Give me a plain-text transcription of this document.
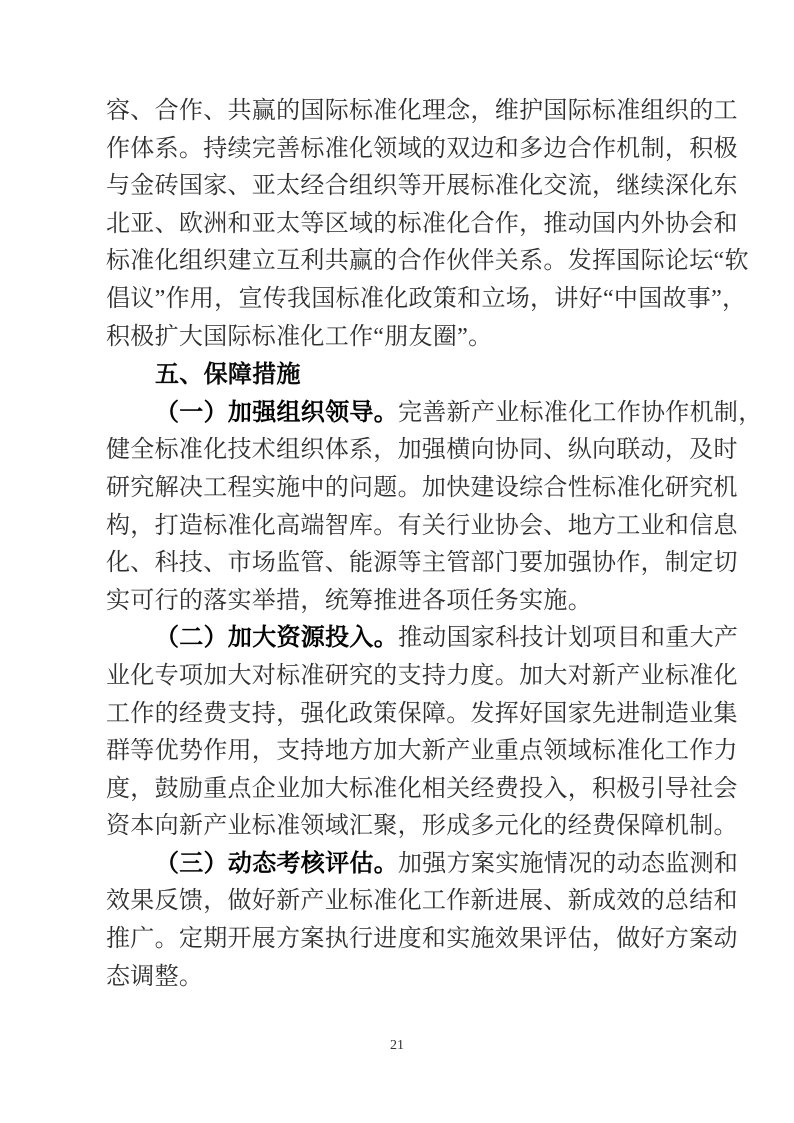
容、合作、共赢的国际标准化理念，维护国际标准组织的工
作体系。持续完善标准化领域的双边和多边合作机制，积极
与金砖国家、亚太经合组织等开展标准化交流，继续深化东
北亚、欧洲和亚太等区域的标准化合作，推动国内外协会和
标准化组织建立互利共赢的合作伙伴关系。发挥国际论坛“软
倡议”作用，宣传我国标准化政策和立场，讲好“中国故事”，
积极扩大国际标准化工作“朋友圈”。
五、保障措施
（一）加强组织领导。完善新产业标准化工作协作机制，
健全标准化技术组织体系，加强横向协同、纵向联动，及时
研究解决工程实施中的问题。加快建设综合性标准化研究机
构，打造标准化高端智库。有关行业协会、地方工业和信息
化、科技、市场监管、能源等主管部门要加强协作，制定切
实可行的落实举措，统筹推进各项任务实施。
（二）加大资源投入。推动国家科技计划项目和重大产
业化专项加大对标准研究的支持力度。加大对新产业标准化
工作的经费支持，强化政策保障。发挥好国家先进制造业集
群等优势作用，支持地方加大新产业重点领域标准化工作力
度，鼓励重点企业加大标准化相关经费投入，积极引导社会
资本向新产业标准领域汇聚，形成多元化的经费保障机制。
（三）动态考核评估。加强方案实施情况的动态监测和
效果反馈，做好新产业标准化工作新进展、新成效的总结和
推广。定期开展方案执行进度和实施效果评估，做好方案动
态调整。
21
